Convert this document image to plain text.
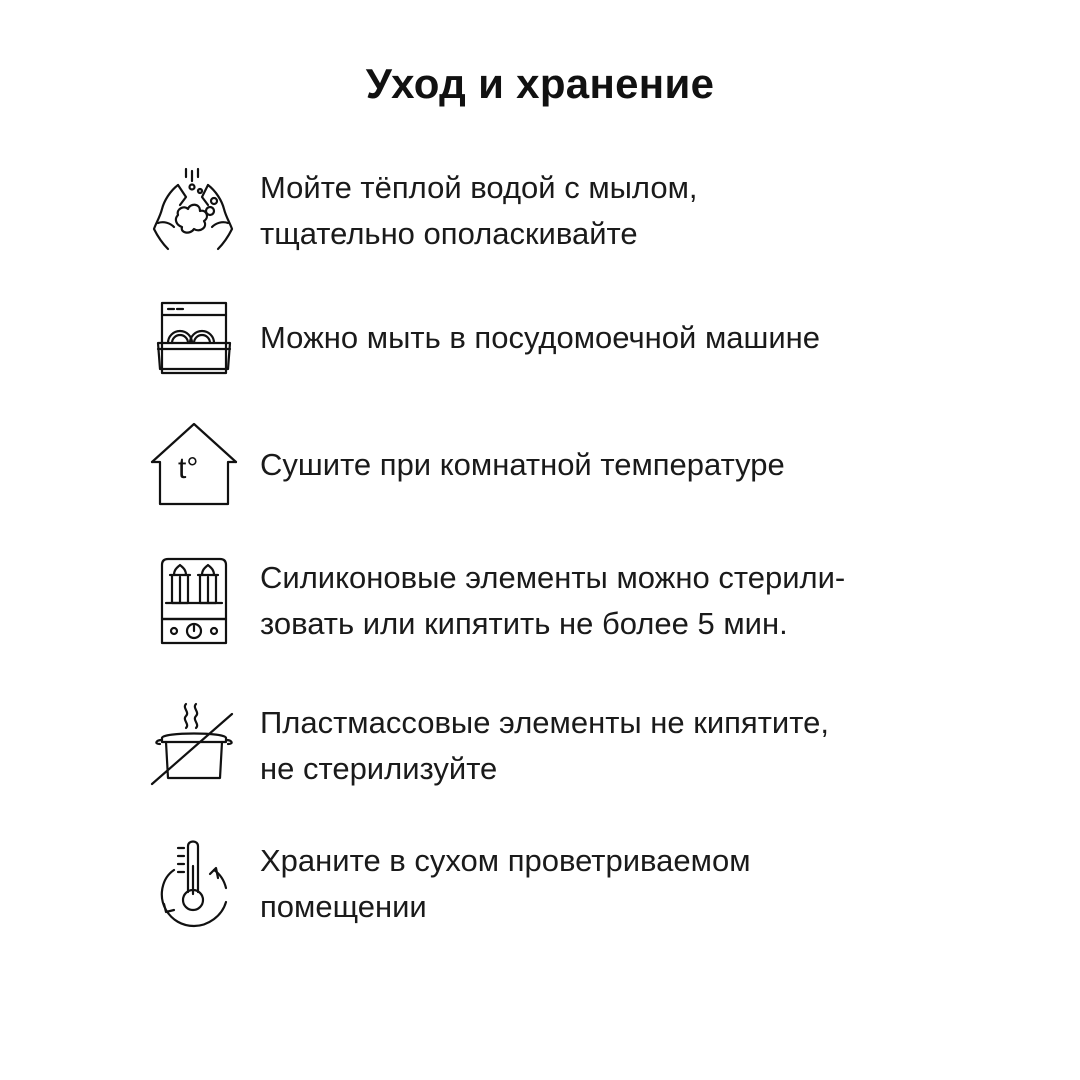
Уход и хранение
Мойте тёплой водой с мылом,
тщательно ополаскивайте
Можно мыть в посудомоечной машине
t° Сушите при комнатной температуре
Силиконовые элементы можно стерили-
зовать или кипятить не более 5 мин.
Пластмассовые элементы не кипятите,
не стерилизуйте
Храните в сухом проветриваемом
помещении
